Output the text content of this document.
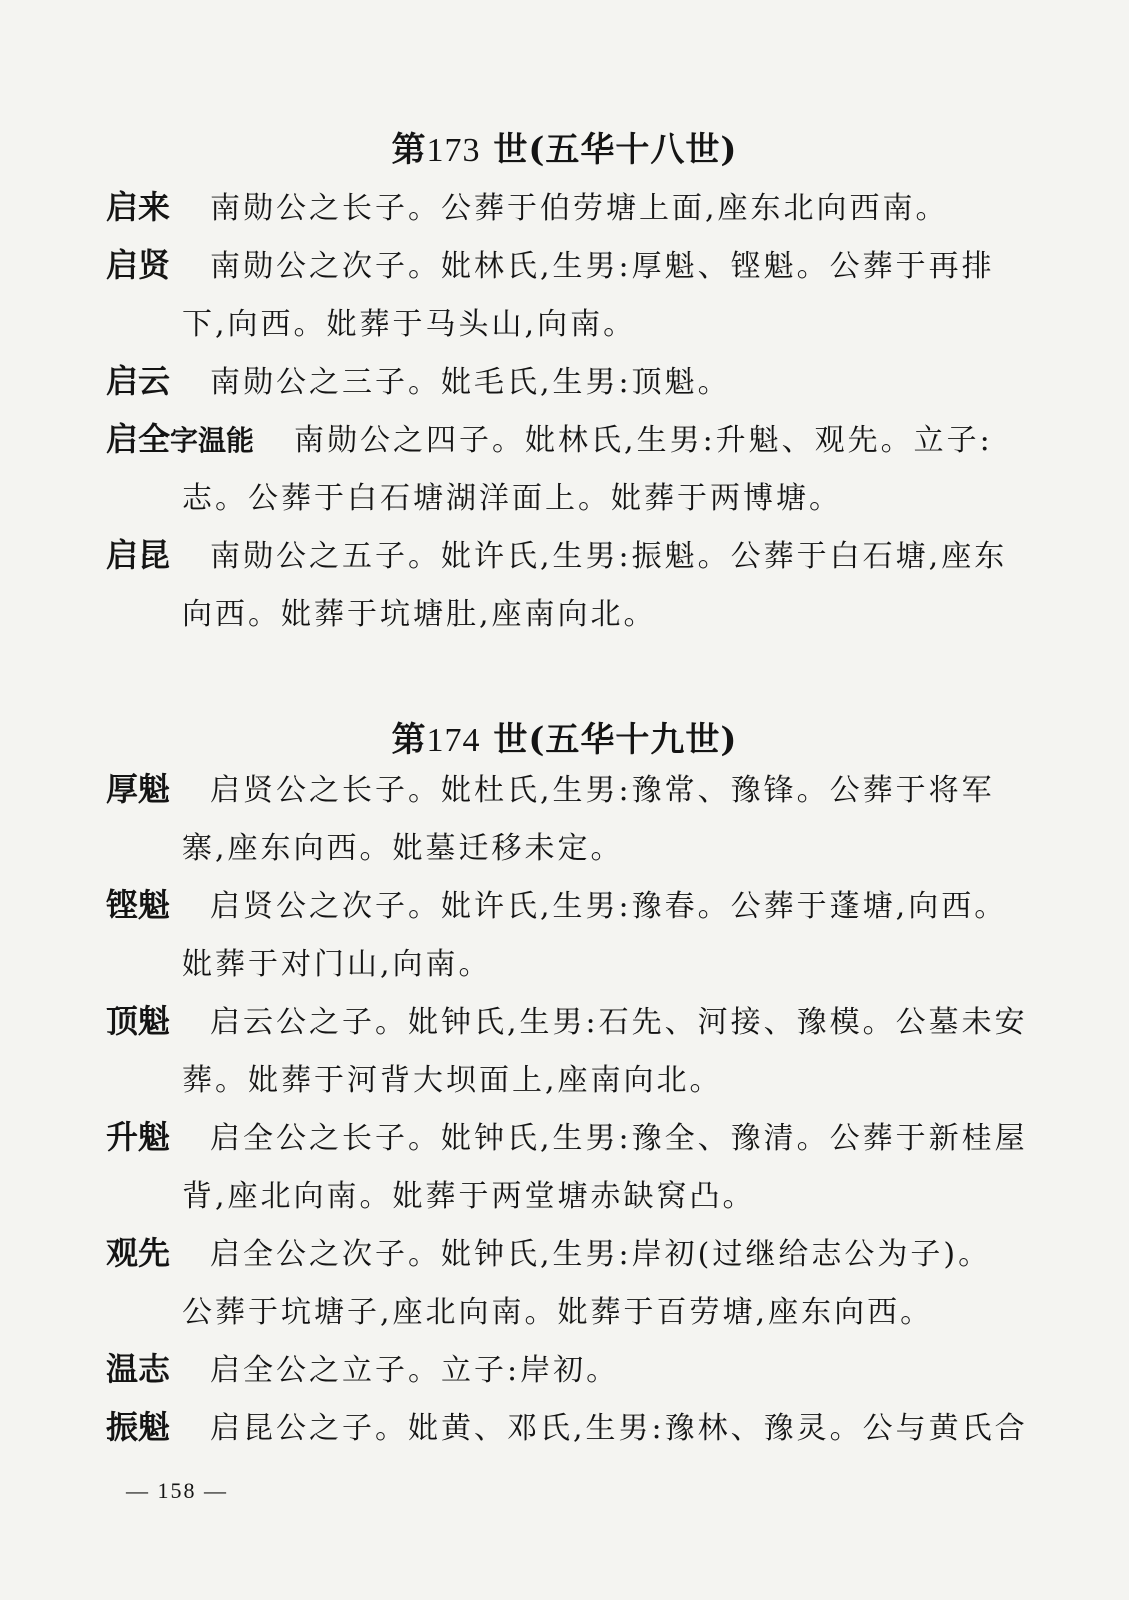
第173 世(五华十八世)
启来 南勋公之长子。公葬于伯劳塘上面,座东北向西南。
启贤 南勋公之次子。妣林氏,生男:厚魁、铿魁。公葬于再排
下,向西。妣葬于马头山,向南。
启云 南勋公之三子。妣毛氏,生男:顶魁。
启全字温能 南勋公之四子。妣林氏,生男:升魁、观先。立子:
志。公葬于白石塘湖洋面上。妣葬于两博塘。
启昆 南勋公之五子。妣许氏,生男:振魁。公葬于白石塘,座东
向西。妣葬于坑塘肚,座南向北。
第174 世(五华十九世)
厚魁 启贤公之长子。妣杜氏,生男:豫常、豫锋。公葬于将军
寨,座东向西。妣墓迁移未定。
铿魁 启贤公之次子。妣许氏,生男:豫春。公葬于蓬塘,向西。
妣葬于对门山,向南。
顶魁 启云公之子。妣钟氏,生男:石先、河接、豫模。公墓未安
葬。妣葬于河背大坝面上,座南向北。
升魁 启全公之长子。妣钟氏,生男:豫全、豫清。公葬于新桂屋
背,座北向南。妣葬于两堂塘赤缺窝凸。
观先 启全公之次子。妣钟氏,生男:岸初(过继给志公为子)。
公葬于坑塘子,座北向南。妣葬于百劳塘,座东向西。
温志 启全公之立子。立子:岸初。
振魁 启昆公之子。妣黄、邓氏,生男:豫林、豫灵。公与黄氏合
— 158 —
